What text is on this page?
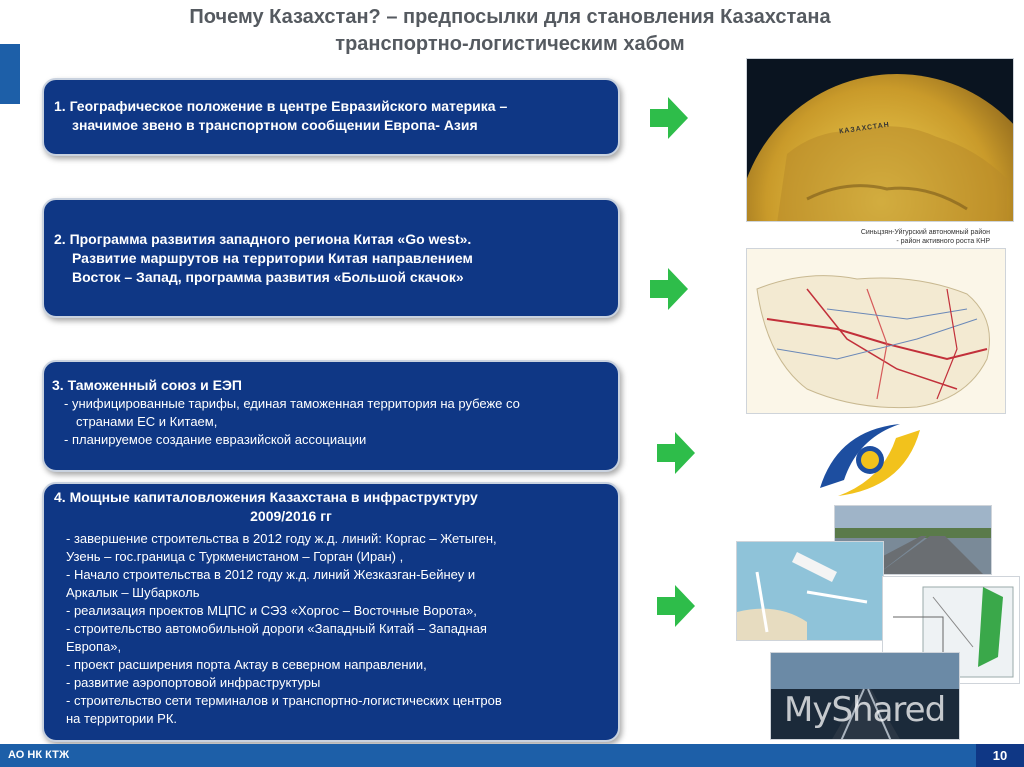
Почему Казахстан? – предпосылки для становления Казахстана
транспортно-логистическим хабом
1. Географическое положение в центре Евразийского материка –
значимое звено в транспортном сообщении Европа- Азия
2. Программа развития западного региона Китая «Go west».
Развитие маршрутов на территории Китая направлением
Восток – Запад, программа развития «Большой скачок»
3. Таможенный союз и ЕЭП
- унифицированные тарифы, единая таможенная территория на рубеже со
странами ЕС и Китаем,
- планируемое создание евразийской ассоциации
4. Мощные капиталовложения Казахстана в инфраструктуру
2009/2016 гг
- завершение строительства в 2012 году ж.д. линий: Коргас – Жетыген,
Узень – гос.граница с Туркменистаном – Горган (Иран) ,
- Начало строительства в 2012 году ж.д. линий Жезказган-Бейнеу и
Аркалык – Шубарколь
- реализация проектов МЦПС и СЭЗ «Хоргос – Восточные Ворота»,
- строительство автомобильной дороги «Западный Китай – Западная
Европа»,
- проект расширения порта Актау в северном направлении,
- развитие аэропортовой инфраструктуры
- строительство сети терминалов и транспортно-логистических центров
на территории РК.
КАЗАХСТАН
Синьцзян-Уйгурский автономный район
- район активного роста КНР
MyShared
АО НК КТЖ	10
